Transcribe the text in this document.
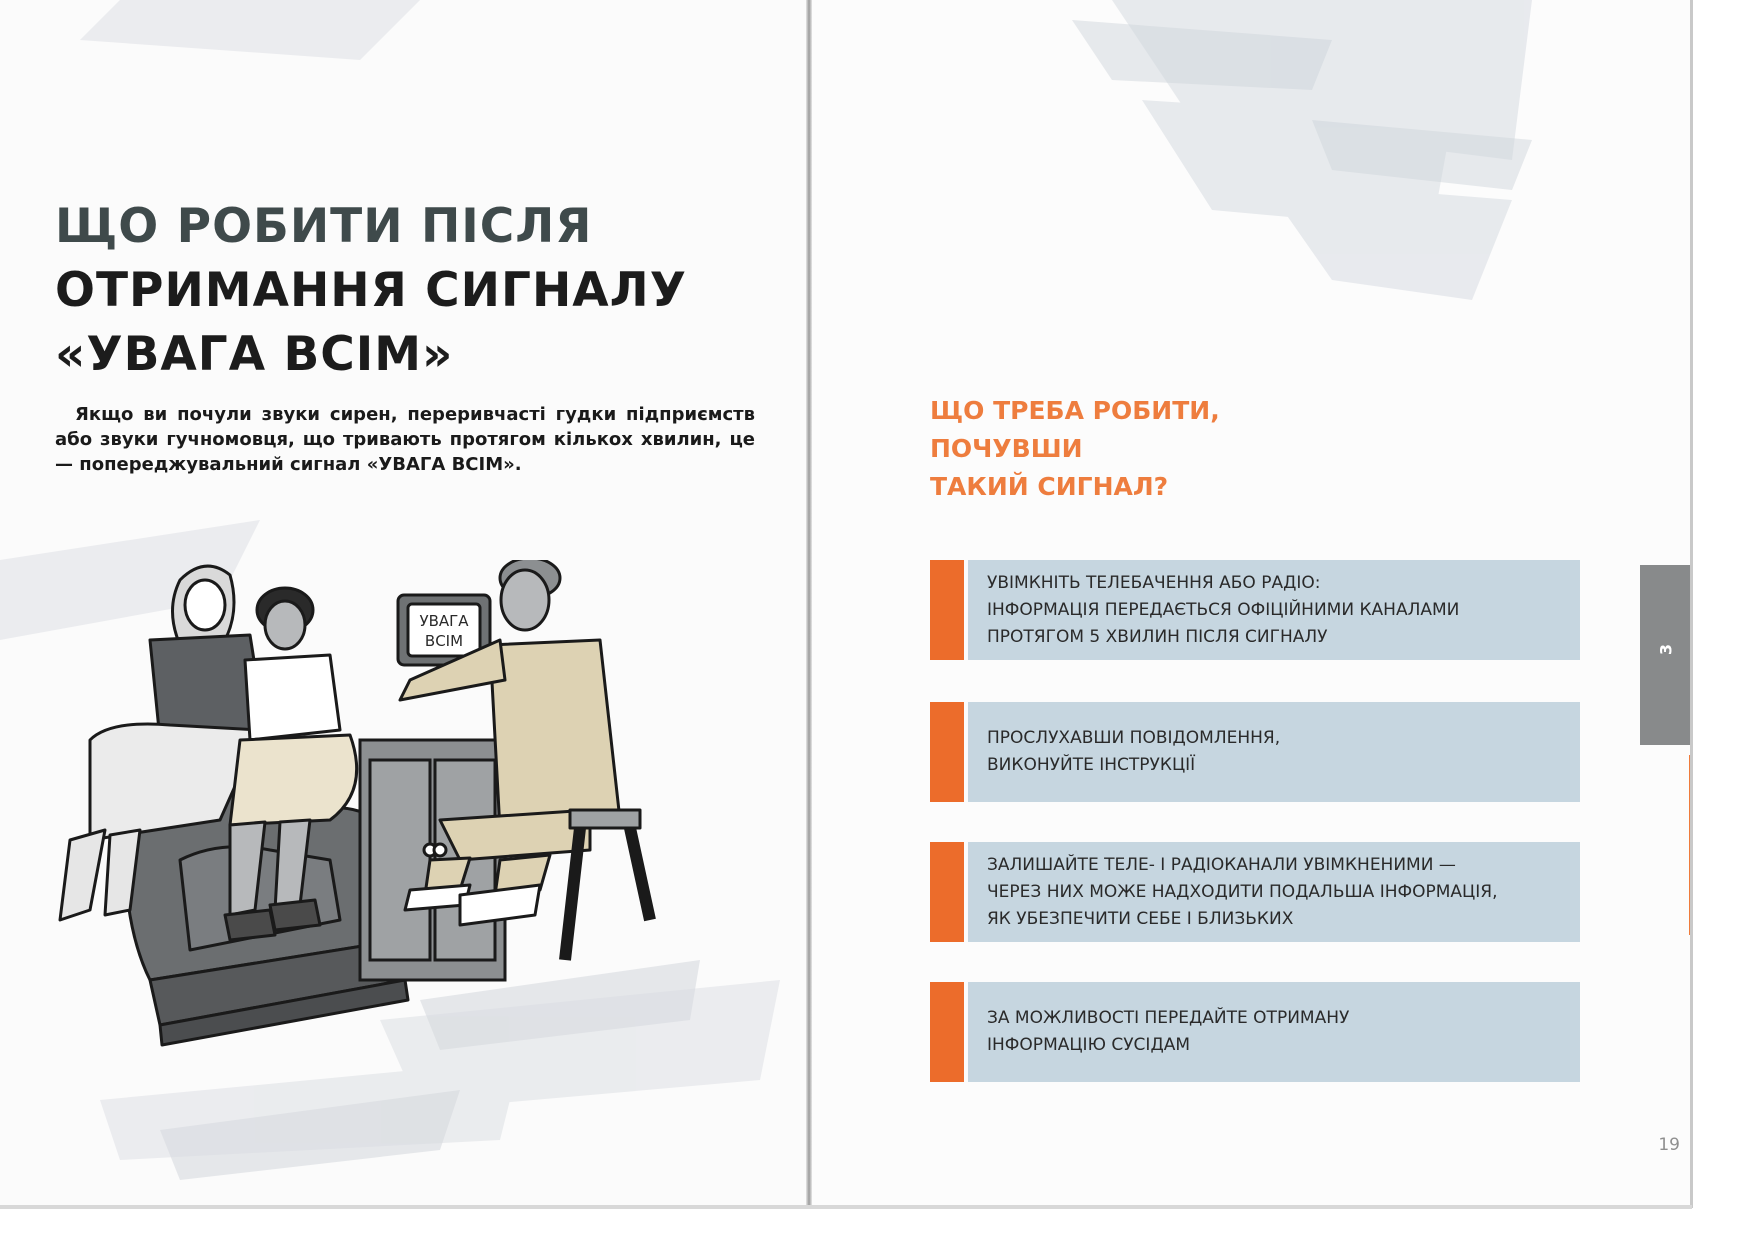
ЩО РОБИТИ ПІСЛЯ
ОТРИМАННЯ СИГНАЛУ
«УВАГА ВСІМ»

Якщо ви почули звуки сирен, переривчасті гудки підприємств або звуки гучномовця, що тривають протягом кількох хвилин, це — попереджувальний сигнал «УВАГА ВСІМ».

УВАГА
ВСІМ
ЩО ТРЕБА РОБИТИ,
ПОЧУВШИ
ТАКИЙ СИГНАЛ?
УВІМКНІТЬ ТЕЛЕБАЧЕННЯ АБО РАДІО:
ІНФОРМАЦІЯ ПЕРЕДАЄТЬСЯ ОФІЦІЙНИМИ КАНАЛАМИ
ПРОТЯГОМ 5 ХВИЛИН ПІСЛЯ СИГНАЛУ
ПРОСЛУХАВШИ ПОВІДОМЛЕННЯ,
ВИКОНУЙТЕ ІНСТРУКЦІЇ
ЗАЛИШАЙТЕ ТЕЛЕ- І РАДІОКАНАЛИ УВІМКНЕНИМИ —
ЧЕРЕЗ НИХ МОЖЕ НАДХОДИТИ ПОДАЛЬША ІНФОРМАЦІЯ,
ЯК УБЕЗПЕЧИТИ СЕБЕ І БЛИЗЬКИХ
ЗА МОЖЛИВОСТІ ПЕРЕДАЙТЕ ОТРИМАНУ
ІНФОРМАЦІЮ СУСІДАМ
3
19
